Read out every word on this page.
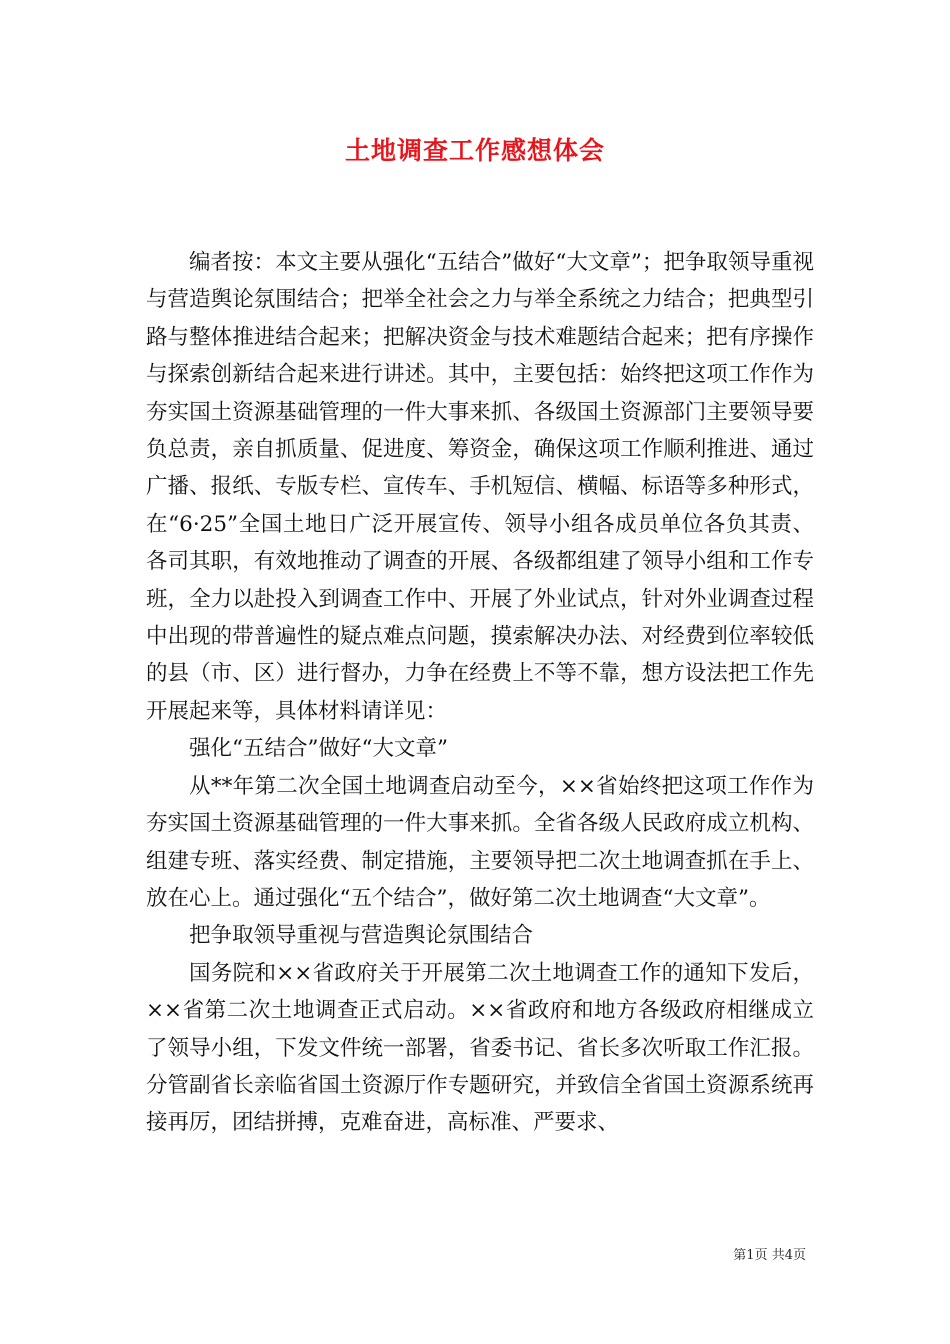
土地调查工作感想体会

编者按：本文主要从强化“五结合”做好“大文章”；把争取领导重视与营造舆论氛围结合；把举全社会之力与举全系统之力结合；把典型引路与整体推进结合起来；把解决资金与技术难题结合起来；把有序操作与探索创新结合起来进行讲述。其中，主要包括：始终把这项工作作为夯实国土资源基础管理的一件大事来抓、各级国土资源部门主要领导要负总责，亲自抓质量、促进度、筹资金，确保这项工作顺利推进、通过广播、报纸、专版专栏、宣传车、手机短信、横幅、标语等多种形式，在“6·25”全国土地日广泛开展宣传、领导小组各成员单位各负其责、各司其职，有效地推动了调查的开展、各级都组建了领导小组和工作专班，全力以赴投入到调查工作中、开展了外业试点，针对外业调查过程中出现的带普遍性的疑点难点问题，摸索解决办法、对经费到位率较低的县（市、区）进行督办，力争在经费上不等不靠，想方设法把工作先开展起来等，具体材料请详见：

强化“五结合”做好“大文章”

从**年第二次全国土地调查启动至今，××省始终把这项工作作为夯实国土资源基础管理的一件大事来抓。全省各级人民政府成立机构、组建专班、落实经费、制定措施，主要领导把二次土地调查抓在手上、放在心上。通过强化“五个结合”，做好第二次土地调查“大文章”。

把争取领导重视与营造舆论氛围结合

国务院和××省政府关于开展第二次土地调查工作的通知下发后，××省第二次土地调查正式启动。××省政府和地方各级政府相继成立了领导小组，下发文件统一部署，省委书记、省长多次听取工作汇报。分管副省长亲临省国土资源厅作专题研究，并致信全省国土资源系统再接再厉，团结拼搏，克难奋进，高标准、严要求、

第1页 共4页
